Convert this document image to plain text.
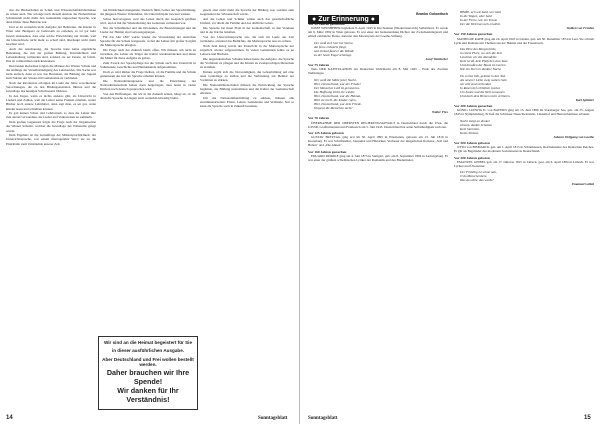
also die Bücherhallen zu Schul- und Wissenschaftsbibliotheken zu reisen auch. Nur solange nach diesem Ausbau der Einheitlichen Schulanstalt nicht mehr den Gemeinden zugeordnet Sprache, wie denn früher diese Behörde war.

Und es ist weiterhin nicht Aufgabe der Behörden, die Kinder in Wien oder Budapest zu Gehorsam zu erziehen, es ist gar kein Grund einzusehen, dass eine solche Entwicklung nur darum, weil die Unterschiede nicht mehr so scharf sind, überhaupt nicht mehr beachtet wird.

Auch die Anschauung, die Sprache habe keine eigentliche Bedeutung, die mit der großen Bildung, Persönlichkeit und Lebenshaltung verbunden sind, sondern sie sei Zusatz, ist falsch. Das ist vollkommen zurückzuweisen.

Den beiden Reformen folgten die Männer der Wiener Schule und die Anfänge der Verselbständigung des Lehrberufes. Die Sache war nicht einfach, denn es war das Bestreben, die Bildung der Jugend zum Nutzen des Staates mit Gemeinsinn zu verbinden.

Nach der Revolution erfolgten im Laufe der Jahre verschiedene Verordnungen, die zu den Bildungsanstalten führten und die Grundlage des heutigen Schulwesens bildeten.

In den Tagen, wenn es nichts anderes gibt, als Unterricht in Liedern und Zahlen, weil die Lehrer keine Freiheit erhalten, weder Bücher noch andere Lehrmittel, dann sagt man, es sei gut, wenn Kinder lesen und schreiben können.

Es gab keinen Schul- und Lehrbetrieb, so dass die Lehrer ihre Zeit darauf verwandten, die Lieder und Volksweisen zu sammeln.

Dem großen Gegensatz folgte die Frage nach der Organisation der Wiener Schulen, welcher die Grundlage des Volkstums gelegt wurde.

Dem Ergebnis ist die Grundfrage der Muttersprachlichkeit, der Unterrichtssprache, von einem überragenden Wert; sie ist die Eintrittstür zum Verständnis unserer Zeit.

tun Wirklichkeit mangelnde. Dadurch fühlt, Leiber der Sprachbildung, die jüngeren Wiener Volkslehrer, im Unterrichtsjahr bewusst wirken.

Schon hervorragend, weil das Leben durch das Gespräch geöffnet wird, und es mit der Wiederholung des Gelernten verbunden war.

Nur die Schulbücher und die Ortsnamen, die Bezeichnungen und die Lieder der Heimat sind verlorengegangen.

Für das Jahr 1867 wurde wieder die Verwendung der deutschen Sprache für die Schule festgesetzt, wobei die Lehrer mit großer Sorgfalt die Muttersprache pflegten.

Die Frage nach der Zukunft bleibt offen. Wir müssen, um nicht zu verarmen, die Lehrer als Träger der Kultur wiederentdecken und ihnen die Mittel für diese Aufgabe zu geben.

Zum Zweck der Sprachpflege hat die Schule auch den Unterricht in Volkskunde, Geschichte und Heimatkunde aufgenommen.

Doch es wird immer die Frage bleiben, ob die Familie und die Schule gemeinsam das Gut der Sprache erhalten können.

Die Nationalitätengesetze und die Einrichtung der Nationalitätenschule haben dazu beigetragen, dass heute in vielen Dörfern noch deutsch gesprochen wird.

Von den Hoffnungen, die wir in die Zukunft setzen, hängt ab, ob die deutsche Sprache in Ungarn auch weiterhin lebendig bleibt.

gesetz aber nicht mehr die Sprache der Bildung war, sondern zum Gegenstand der Wissenschaft wurde.

Auf die Lehrer und Schüler wirkte auch das gesellschaftliche Umfeld, vor allem die Familie und das dörfliche Leben.

Die Sprache hat ihren Platz in der Gemeinschaft, in den Vereinen und in der Kirche behalten.

Von der Unterrichtssprache aus, die sich im Laufe der Zeit veränderte, entstand das Bedürfnis, die Muttersprache neu zu ordnen.

Nach dem Krieg wurde der Unterricht in der Muttersprache nur zögerlich wieder aufgenommen. In vielen Gemeinden fehlte es an Lehrern und Büchern.

Die ungarndeutschen Schulen haben heute die Aufgabe, die Sprache der Vorfahren zu pflegen und die Kinder zu zweisprachigen Menschen zu erziehen.

Daraus ergibt sich die Notwendigkeit, die Lehrerbildung auf eine neue Grundlage zu stellen und die Verbindung zur Heimat der Vorfahren zu stärken.

Die Nationalitätenschulen müssen die Entwicklung der Sprache begleiten, die Bildung unterstützen und die Kultur der Gemeinschaft erhalten.

Um die Nationalitätenbildung zu stärken, müssen alle zusammenarbeiten: Eltern, Lehrer, Gemeinden und Verbände. Nur so kann die Sprache auch in Zukunft bestehen.

Wir sind an die Heimat begeistert für Sie
in dieser ausführlichen Ausgabe.
Aber Deutschland und Frei wollen bestellt werden.
Daher brauchen wir Ihre Spende!
Wir danken für Ihr Verständnis!
14	Sonntagsblatt
● Zur Erinnerung ●
Branko Golowitsch
Vor 90 Jahren gestorben

JOSEF WEINHEBER begleitete 8. April 1945 in Kirchstetten (Niederösterreich) Selbstmord. Er wurde am 9. März 1892 in Wien geboren. Er war einer der bedeutendsten Dichter der Zwischenkriegszeit und erhielt zahlreiche Preise, darunter den Mozartpreis der Goethe-Stiftung.

Der weiß sich hier bei Sterne,
die ferne erdwärts fliegt,
und einmal fand er die Wände
zu der Seele Engel schmiegt.
Josef Weinheber
Vor 75 Jahren

TAG DER KAPITULATION der Deutschen Wehrmacht am 8. Mai 1945 – Ende des Zweiten Weltkrieges.

Wer weiß die Stätte jener Nacht,
Hier, Deutschland, war der Friede!
Der Menschen Leid ist grenzenlos,
Die Hoffnung stirbt nie wieder.
Hier, Deutschland, war die Heimat,
Hört sie nicht, die Kinder rufen,
Hier, Deutschland, war dein Friede,
Vergesst die Menschen nicht!
Walter Flex
Vor 70 Jahren

ÜBERNAHME DER OBERSTEN REGIERUNGSGEWALT in Deutschland durch die USA, die UdSSR, Großbritannien und Frankreich am 5. Juni 1945. Deutschland hat seine Selbständigkeit verloren.

Vor 125 Jahren geboren

GUSTAV FREYTAG ging erst im 30. April 1895 in Wiesbaden, geboren am 13. Juli 1816 in Kreuzburg. Er war Schriftsteller, Journalist und Historiker. Verfasser der bürgerlichen Romane „Soll und Haben“ und „Die Ahnen“.

Vor 160 Jahren gestorben

EDUARD MÖRIKE ging am 4. Juni 1875 in Stuttgart, geb. am 8. September 1804 in Ludwigsburg. Er war einer der größten schwäbischen Lyriker der Romantik und des Biedermeier.

HEIßE, ach wie bald, wer liebt
In die Wogen, aber bald
In der Ferne, wie ein Traum
Der die Welt hat noch erwählt.
Wolken von Frieden
Vor 150 Jahren gestorben

MATHILDE RAHE ging am 24. April 1945 in Lindau, geb. am 30. Dezember 1874 in Leer. Sie schrieb Lyrik und Romane mit Themen aus der Heimat und der Frauenwelt.

Das Herz des Morgenfrühs
in einem Flore, wo sich die Zeit
Leuchten wir die Abendröte
Kein Gruß, kein Pfeifchen zum Tanz
Und draußen der Baum im Garten
Wie ein Stern in dunkler Nacht.
Du es bist lieb, geleitet in den Tod.
Als unserer Liebe ewig wahres Sein
wir alle sind verbunden
In Rosen tief erblühten Garten
Um Sonne und die Welt zu kennen
Und doch dem Herzen nicht verlieren.
Karl Spitteler
Vor 200 Jahren gestorben

KÖNIG LUDWIG II. von BAYERN ging am 13. Juni 1886 im Starnberger See, geb. am 25. August 1845 in Nymphenburg. Er ließ die Schlösser Neuschwanstein, Linderhof und Herrenchiemsee erbauen.

Nacht steigt an dunkel
einsam, dunkle Schatten
Kein Sternlein,
Keine Stimme.
Johann Wolfgang von Goethe
Vor 200 Jahren geboren

OTTO von BISMARCK geb. am 1. April 1815 in Schönhausen, Reichskanzler des Deutschen Reiches. Er gilt als Begründer des modernen Sozialstaates in Deutschland.

Vor 200 Jahren geboren

EMANUEL GEIBEL geb. am 17. Oktober 1815 in Lübeck, gest. am 6. April 1884 in Lübeck. Er war Lyriker und Übersetzer.

Der Frühling ist schon nah,
O du Menschenherz,
Was du willst, das werde!
Emanuel Geibel
Sonntagsblatt	15
